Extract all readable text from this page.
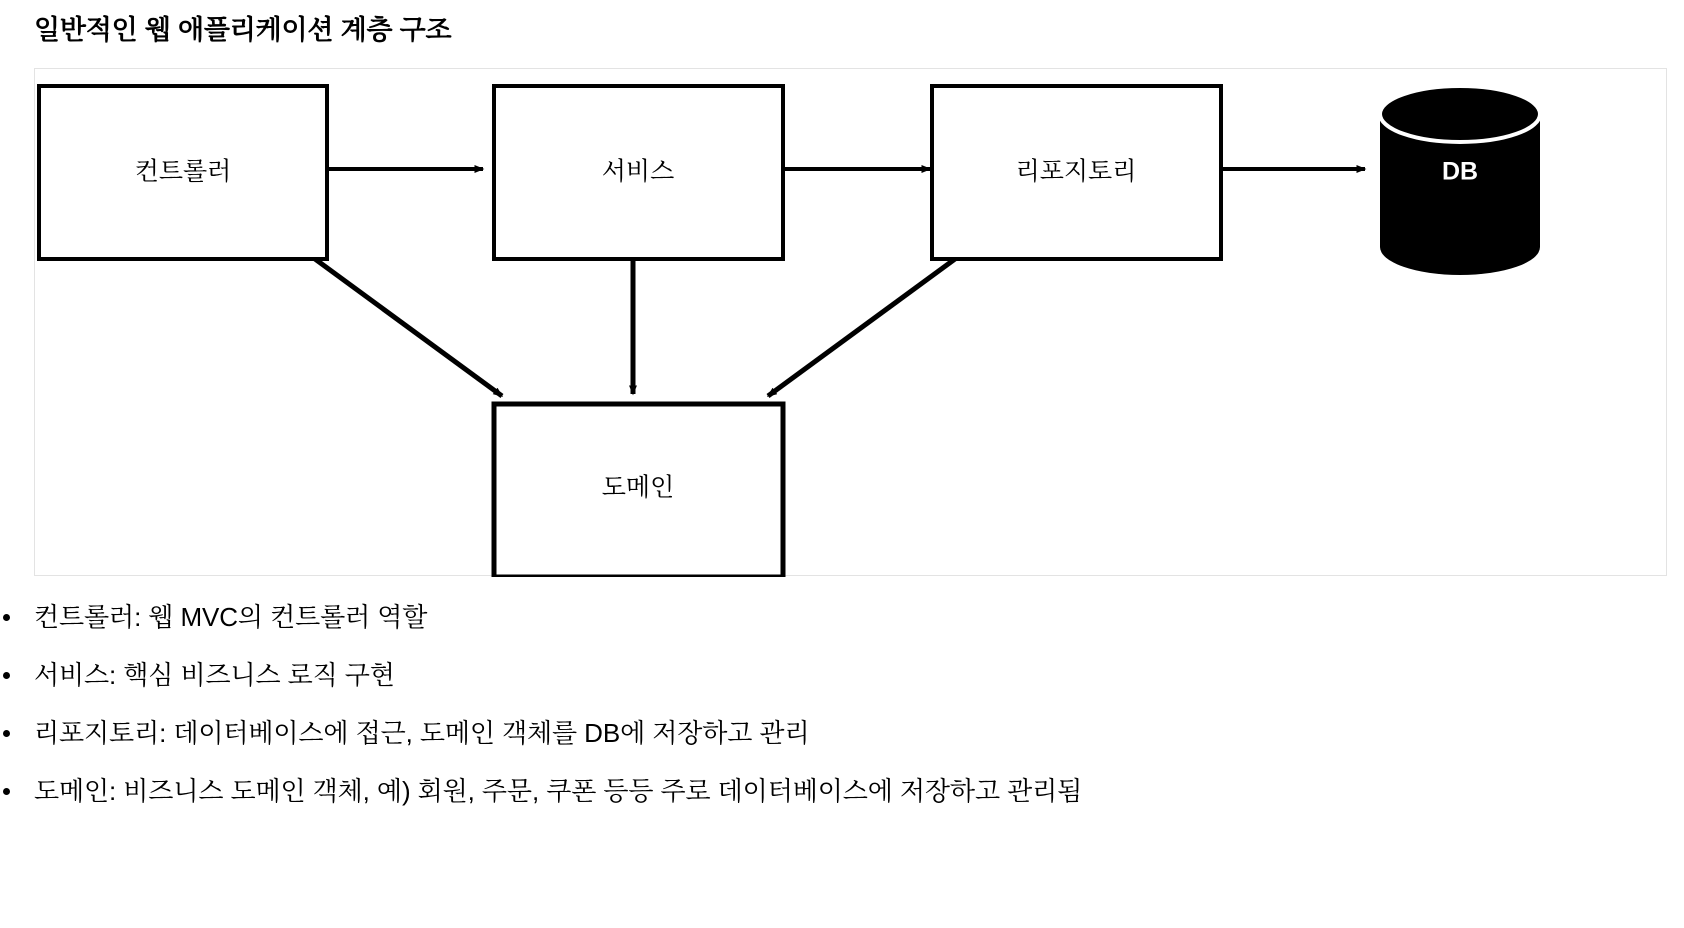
일반적인 웹 애플리케이션 계층 구조
컨트롤러	서비스	리포지토리	DB
도메인
컨트롤러: 웹 MVC의 컨트롤러 역할
서비스: 핵심 비즈니스 로직 구현
리포지토리: 데이터베이스에 접근, 도메인 객체를 DB에 저장하고 관리
도메인: 비즈니스 도메인 객체, 예) 회원, 주문, 쿠폰 등등 주로 데이터베이스에 저장하고 관리됨
